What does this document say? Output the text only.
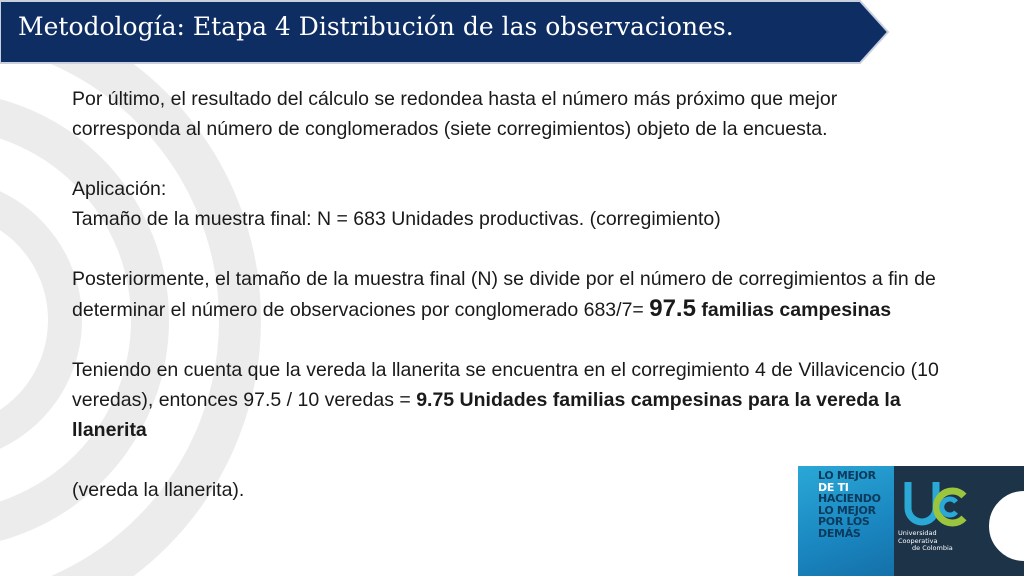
Metodología: Etapa 4 Distribución de las observaciones.

Por último, el resultado del cálculo se redondea hasta el número más próximo que mejor corresponda al número de conglomerados (siete corregimientos) objeto de la encuesta.

Aplicación:

Tamaño de la muestra final: N = 683 Unidades productivas. (corregimiento)

Posteriormente, el tamaño de la muestra final (N) se divide por el número de corregimientos a fin de determinar el número de observaciones por conglomerado 683/7= 97.5 familias campesinas

Teniendo en cuenta que la vereda la llanerita se encuentra en el corregimiento 4 de Villavicencio (10 veredas), entonces 97.5 / 10 veredas = 9.75 Unidades familias campesinas para la vereda la llanerita

(vereda la llanerita).

LO MEJOR
DE TI
HACIENDO
LO MEJOR
POR LOS
DEMÁS	Universidad Cooperativa
de Colombia
